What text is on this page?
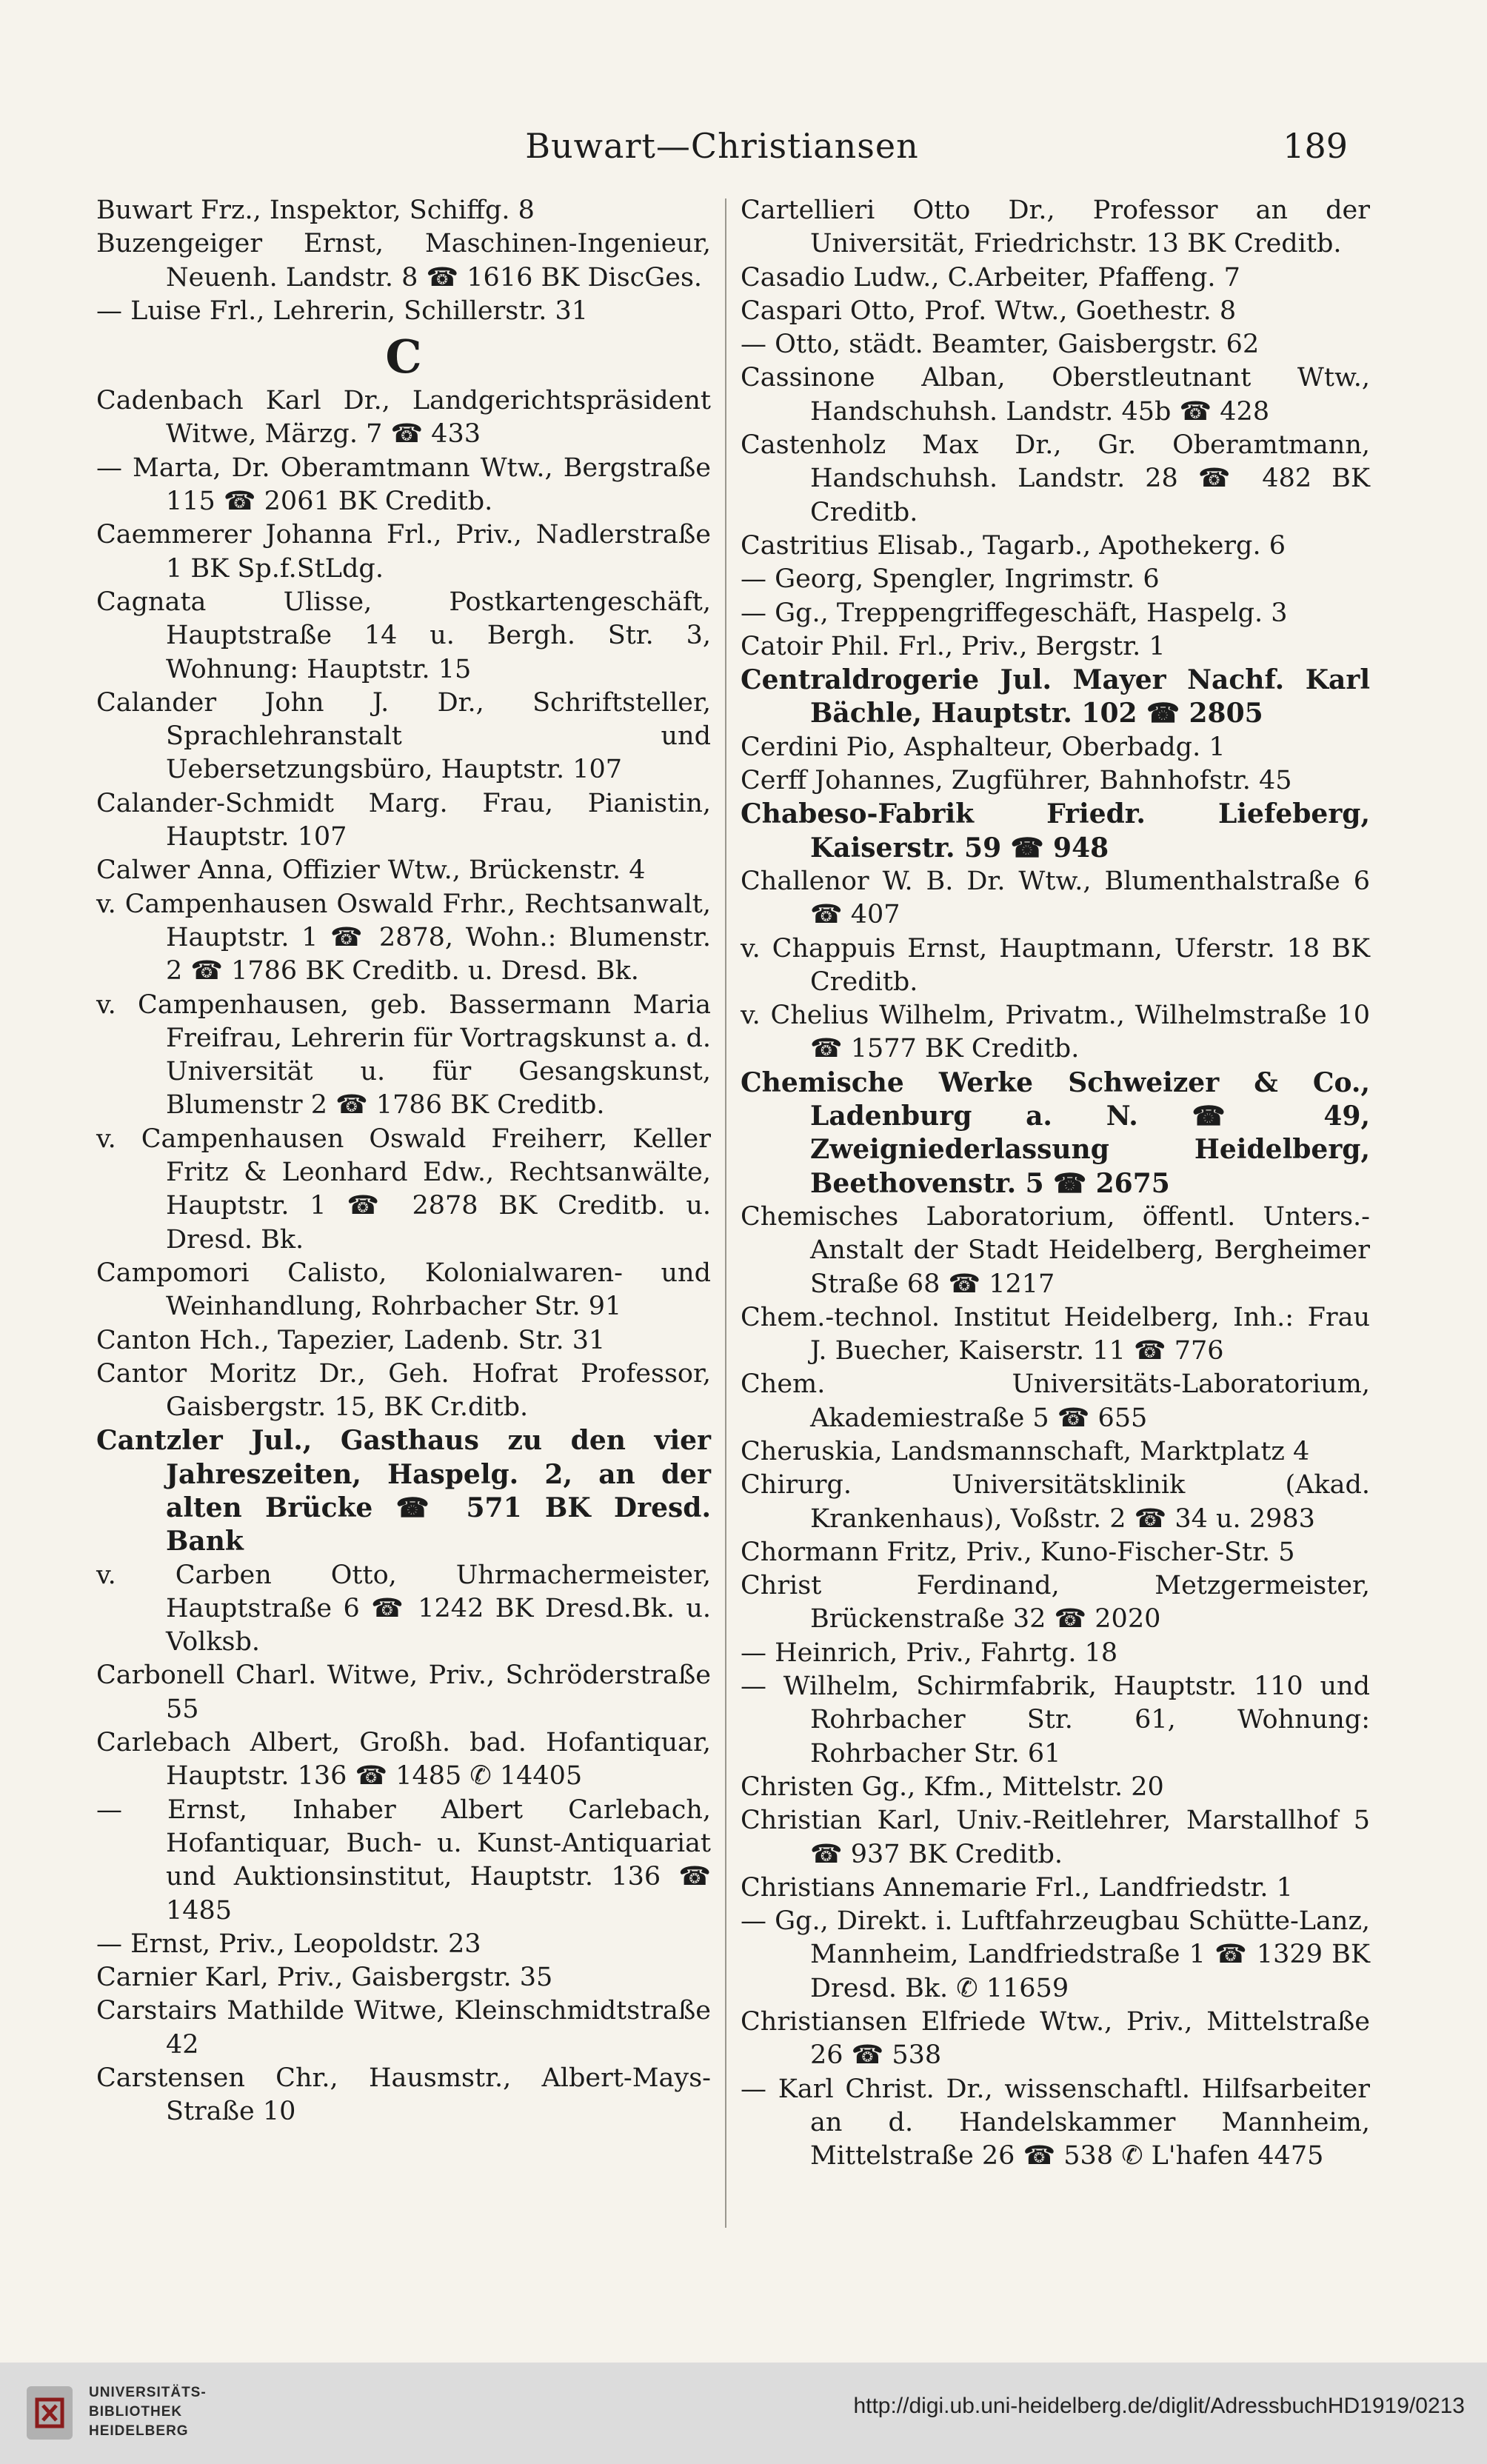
Buwart—Christiansen	189
Buwart Frz., Inspektor, Schiffg. 8
Buzengeiger Ernst, Maschinen-Ingenieur, Neuenh. Landstr. 8 ☎ 1616 BK DiscGes.
— Luise Frl., Lehrerin, Schillerstr. 31
C
Cadenbach Karl Dr., Landgerichtspräsident Witwe, Märzg. 7 ☎ 433
— Marta, Dr. Oberamtmann Wtw., Bergstraße 115 ☎ 2061 BK Creditb.
Caemmerer Johanna Frl., Priv., Nadlerstraße 1 BK Sp.f.StLdg.
Cagnata Ulisse, Postkartengeschäft, Hauptstraße 14 u. Bergh. Str. 3, Wohnung: Hauptstr. 15
Calander John J. Dr., Schriftsteller, Sprachlehranstalt und Uebersetzungsbüro, Hauptstr. 107
Calander-Schmidt Marg. Frau, Pianistin, Hauptstr. 107
Calwer Anna, Offizier Wtw., Brückenstr. 4
v. Campenhausen Oswald Frhr., Rechtsanwalt, Hauptstr. 1 ☎ 2878, Wohn.: Blumenstr. 2 ☎ 1786 BK Creditb. u. Dresd. Bk.
v. Campenhausen, geb. Bassermann Maria Freifrau, Lehrerin für Vortragskunst a. d. Universität u. für Gesangskunst, Blumenstr 2 ☎ 1786 BK Creditb.
v. Campenhausen Oswald Freiherr, Keller Fritz & Leonhard Edw., Rechtsanwälte, Hauptstr. 1 ☎ 2878 BK Creditb. u. Dresd. Bk.
Campomori Calisto, Kolonialwaren- und Weinhandlung, Rohrbacher Str. 91
Canton Hch., Tapezier, Ladenb. Str. 31
Cantor Moritz Dr., Geh. Hofrat Professor, Gaisbergstr. 15, BK Cr.ditb.
Cantzler Jul., Gasthaus zu den vier Jahreszeiten, Haspelg. 2, an der alten Brücke ☎ 571 BK Dresd. Bank
v. Carben Otto, Uhrmachermeister, Hauptstraße 6 ☎ 1242 BK Dresd.Bk. u. Volksb.
Carbonell Charl. Witwe, Priv., Schröderstraße 55
Carlebach Albert, Großh. bad. Hofantiquar, Hauptstr. 136 ☎ 1485 ✆ 14405
— Ernst, Inhaber Albert Carlebach, Hofantiquar, Buch- u. Kunst-Antiquariat und Auktionsinstitut, Hauptstr. 136 ☎ 1485
— Ernst, Priv., Leopoldstr. 23
Carnier Karl, Priv., Gaisbergstr. 35
Carstairs Mathilde Witwe, Kleinschmidtstraße 42
Carstensen Chr., Hausmstr., Albert-Mays-Straße 10
Cartellieri Otto Dr., Professor an der Universität, Friedrichstr. 13 BK Creditb.
Casadio Ludw., C.Arbeiter, Pfaffeng. 7
Caspari Otto, Prof. Wtw., Goethestr. 8
— Otto, städt. Beamter, Gaisbergstr. 62
Cassinone Alban, Oberstleutnant Wtw., Handschuhsh. Landstr. 45b ☎ 428
Castenholz Max Dr., Gr. Oberamtmann, Handschuhsh. Landstr. 28 ☎ 482 BK Creditb.
Castritius Elisab., Tagarb., Apothekerg. 6
— Georg, Spengler, Ingrimstr. 6
— Gg., Treppengriffegeschäft, Haspelg. 3
Catoir Phil. Frl., Priv., Bergstr. 1
Centraldrogerie Jul. Mayer Nachf. Karl Bächle, Hauptstr. 102 ☎ 2805
Cerdini Pio, Asphalteur, Oberbadg. 1
Cerff Johannes, Zugführer, Bahnhofstr. 45
Chabeso-Fabrik Friedr. Liefeberg, Kaiserstr. 59 ☎ 948
Challenor W. B. Dr. Wtw., Blumenthalstraße 6 ☎ 407
v. Chappuis Ernst, Hauptmann, Uferstr. 18 BK Creditb.
v. Chelius Wilhelm, Privatm., Wilhelmstraße 10 ☎ 1577 BK Creditb.
Chemische Werke Schweizer & Co., Ladenburg a. N. ☎ 49, Zweigniederlassung Heidelberg, Beethovenstr. 5 ☎ 2675
Chemisches Laboratorium, öffentl. Unters.-Anstalt der Stadt Heidelberg, Bergheimer Straße 68 ☎ 1217
Chem.-technol. Institut Heidelberg, Inh.: Frau J. Buecher, Kaiserstr. 11 ☎ 776
Chem. Universitäts-Laboratorium, Akademiestraße 5 ☎ 655
Cheruskia, Landsmannschaft, Marktplatz 4
Chirurg. Universitätsklinik (Akad. Krankenhaus), Voßstr. 2 ☎ 34 u. 2983
Chormann Fritz, Priv., Kuno-Fischer-Str. 5
Christ Ferdinand, Metzgermeister, Brückenstraße 32 ☎ 2020
— Heinrich, Priv., Fahrtg. 18
— Wilhelm, Schirmfabrik, Hauptstr. 110 und Rohrbacher Str. 61, Wohnung: Rohrbacher Str. 61
Christen Gg., Kfm., Mittelstr. 20
Christian Karl, Univ.-Reitlehrer, Marstallhof 5 ☎ 937 BK Creditb.
Christians Annemarie Frl., Landfriedstr. 1
— Gg., Direkt. i. Luftfahrzeugbau Schütte-Lanz, Mannheim, Landfriedstraße 1 ☎ 1329 BK Dresd. Bk. ✆ 11659
Christiansen Elfriede Wtw., Priv., Mittelstraße 26 ☎ 538
— Karl Christ. Dr., wissenschaftl. Hilfsarbeiter an d. Handelskammer Mannheim, Mittelstraße 26 ☎ 538 ✆ L'hafen 4475
UNIVERSITÄTS-
BIBLIOTHEK
HEIDELBERG
http://digi.ub.uni-heidelberg.de/diglit/AdressbuchHD1919/0213
